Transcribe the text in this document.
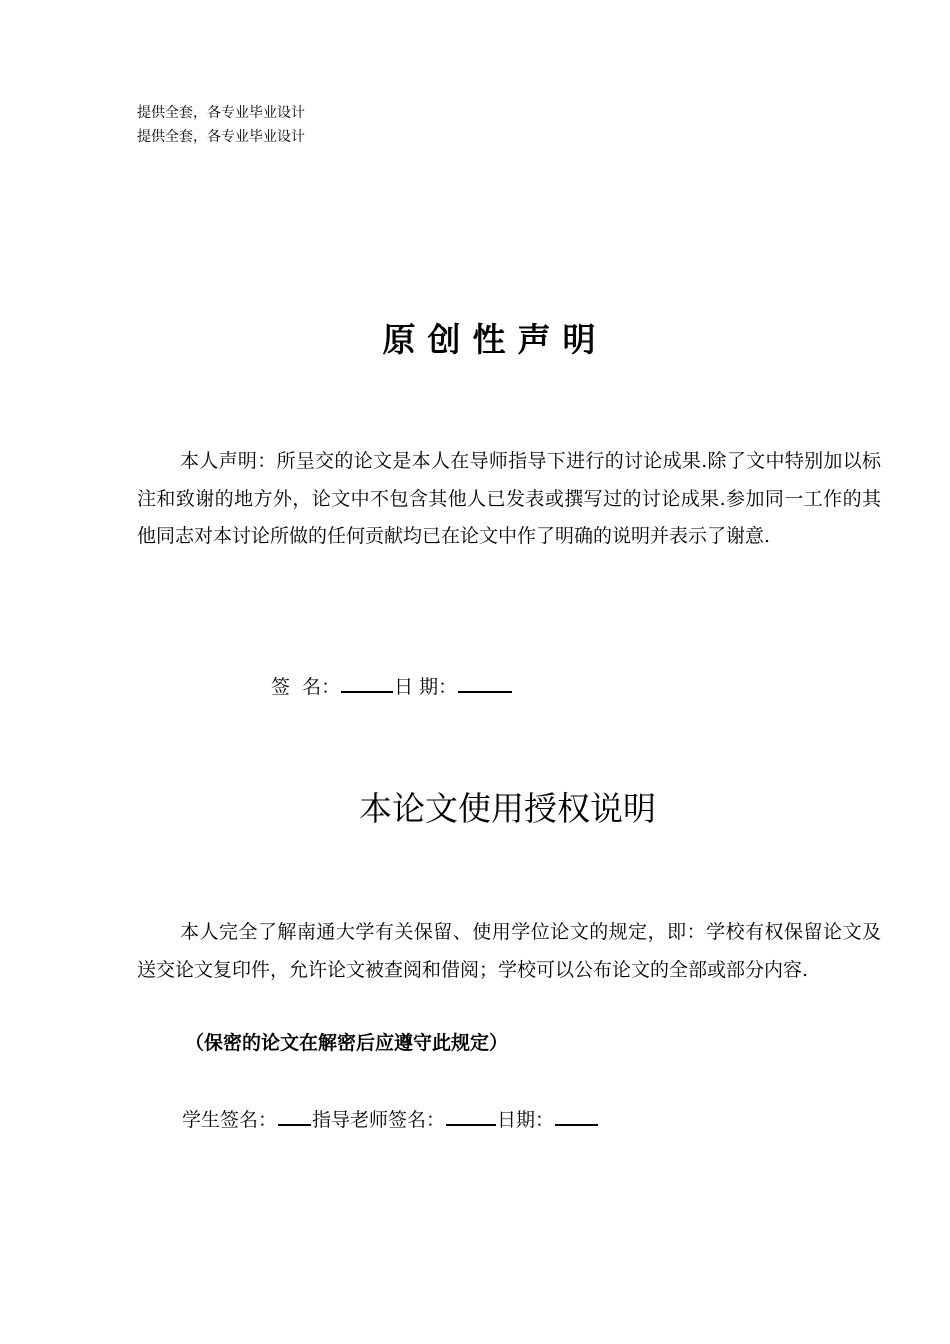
提供全套，各专业毕业设计
提供全套，各专业毕业设计
原创性声明

本人声明：所呈交的论文是本人在导师指导下进行的讨论成果.除了文中特别加以标注和致谢的地方外，论文中不包含其他人已发表或撰写过的讨论成果.参加同一工作的其他同志对本讨论所做的任何贡献均已在论文中作了明确的说明并表示了谢意.

签  名：	日 期：
本论文使用授权说明

本人完全了解南通大学有关保留、使用学位论文的规定，即：学校有权保留论文及送交论文复印件，允许论文被查阅和借阅；学校可以公布论文的全部或部分内容.

（保密的论文在解密后应遵守此规定）
学生签名： 指导老师签名：	日期：
